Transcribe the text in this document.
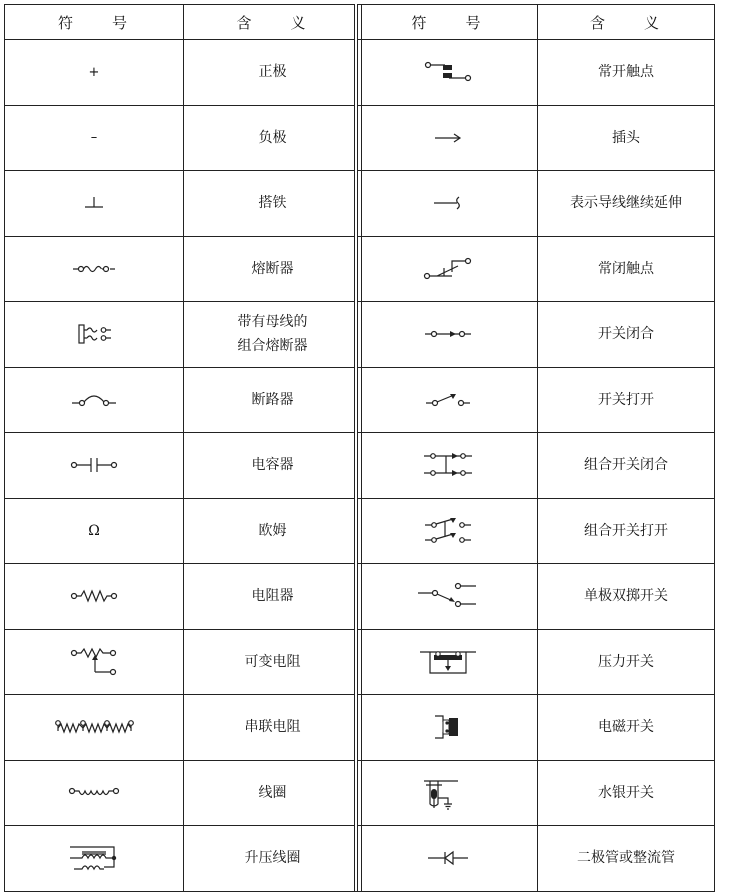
符　　号	含　　义
+	正极
–	负极

	搭铁

	熔断器

	带有母线的
组合熔断器

	断路器

	电容器
Ω	欧姆

	电阻器

	可变电阻

	串联电阻

	线圈

	升压线圈
符　　号	含　　义

	常开触点

	插头

	表示导线继续延伸

	常闭触点

	开关闭合

	开关打开

	组合开关闭合

	组合开关打开

	单极双掷开关

	压力开关

	电磁开关

	水银开关

	二极管或整流管
